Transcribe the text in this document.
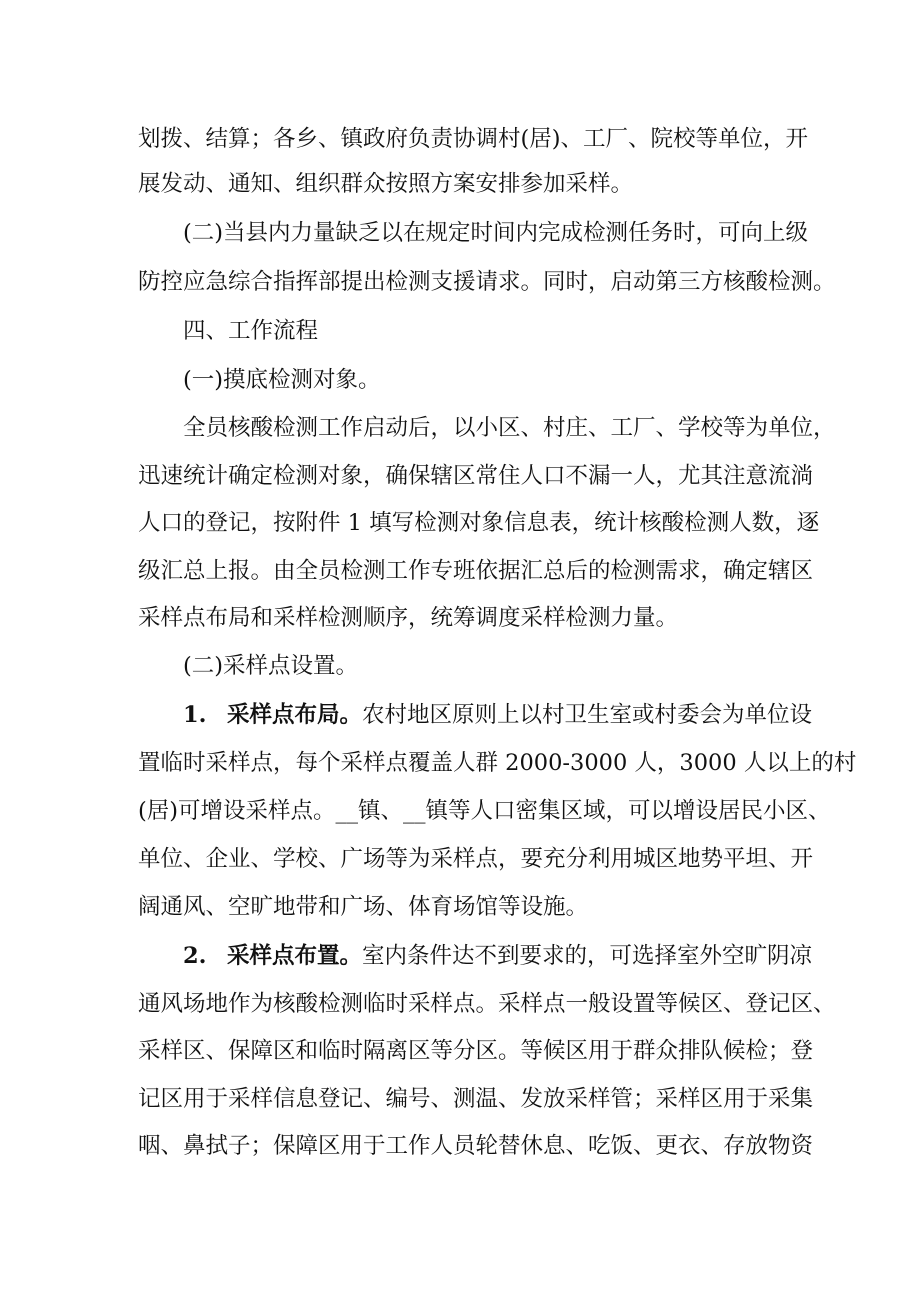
划拨、结算；各乡、镇政府负责协调村(居)、工厂、院校等单位，开
展发动、通知、组织群众按照方案安排参加采样。
(二)当县内力量缺乏以在规定时间内完成检测任务时，可向上级
防控应急综合指挥部提出检测支援请求。同时，启动第三方核酸检测。
四、工作流程
(一)摸底检测对象。
全员核酸检测工作启动后，以小区、村庄、工厂、学校等为单位，
迅速统计确定检测对象，确保辖区常住人口不漏一人，尤其注意流淌
人口的登记，按附件 1 填写检测对象信息表，统计核酸检测人数，逐
级汇总上报。由全员检测工作专班依据汇总后的检测需求，确定辖区
采样点布局和采样检测顺序，统筹调度采样检测力量。
(二)采样点设置。
1. 采样点布局。农村地区原则上以村卫生室或村委会为单位设
置临时采样点，每个采样点覆盖人群 2000-3000 人，3000 人以上的村
(居)可增设采样点。__镇、__镇等人口密集区域，可以增设居民小区、
单位、企业、学校、广场等为采样点，要充分利用城区地势平坦、开
阔通风、空旷地带和广场、体育场馆等设施。
2. 采样点布置。室内条件达不到要求的，可选择室外空旷阴凉
通风场地作为核酸检测临时采样点。采样点一般设置等候区、登记区、
采样区、保障区和临时隔离区等分区。等候区用于群众排队候检；登
记区用于采样信息登记、编号、测温、发放采样管；采样区用于采集
咽、鼻拭子；保障区用于工作人员轮替休息、吃饭、更衣、存放物资
